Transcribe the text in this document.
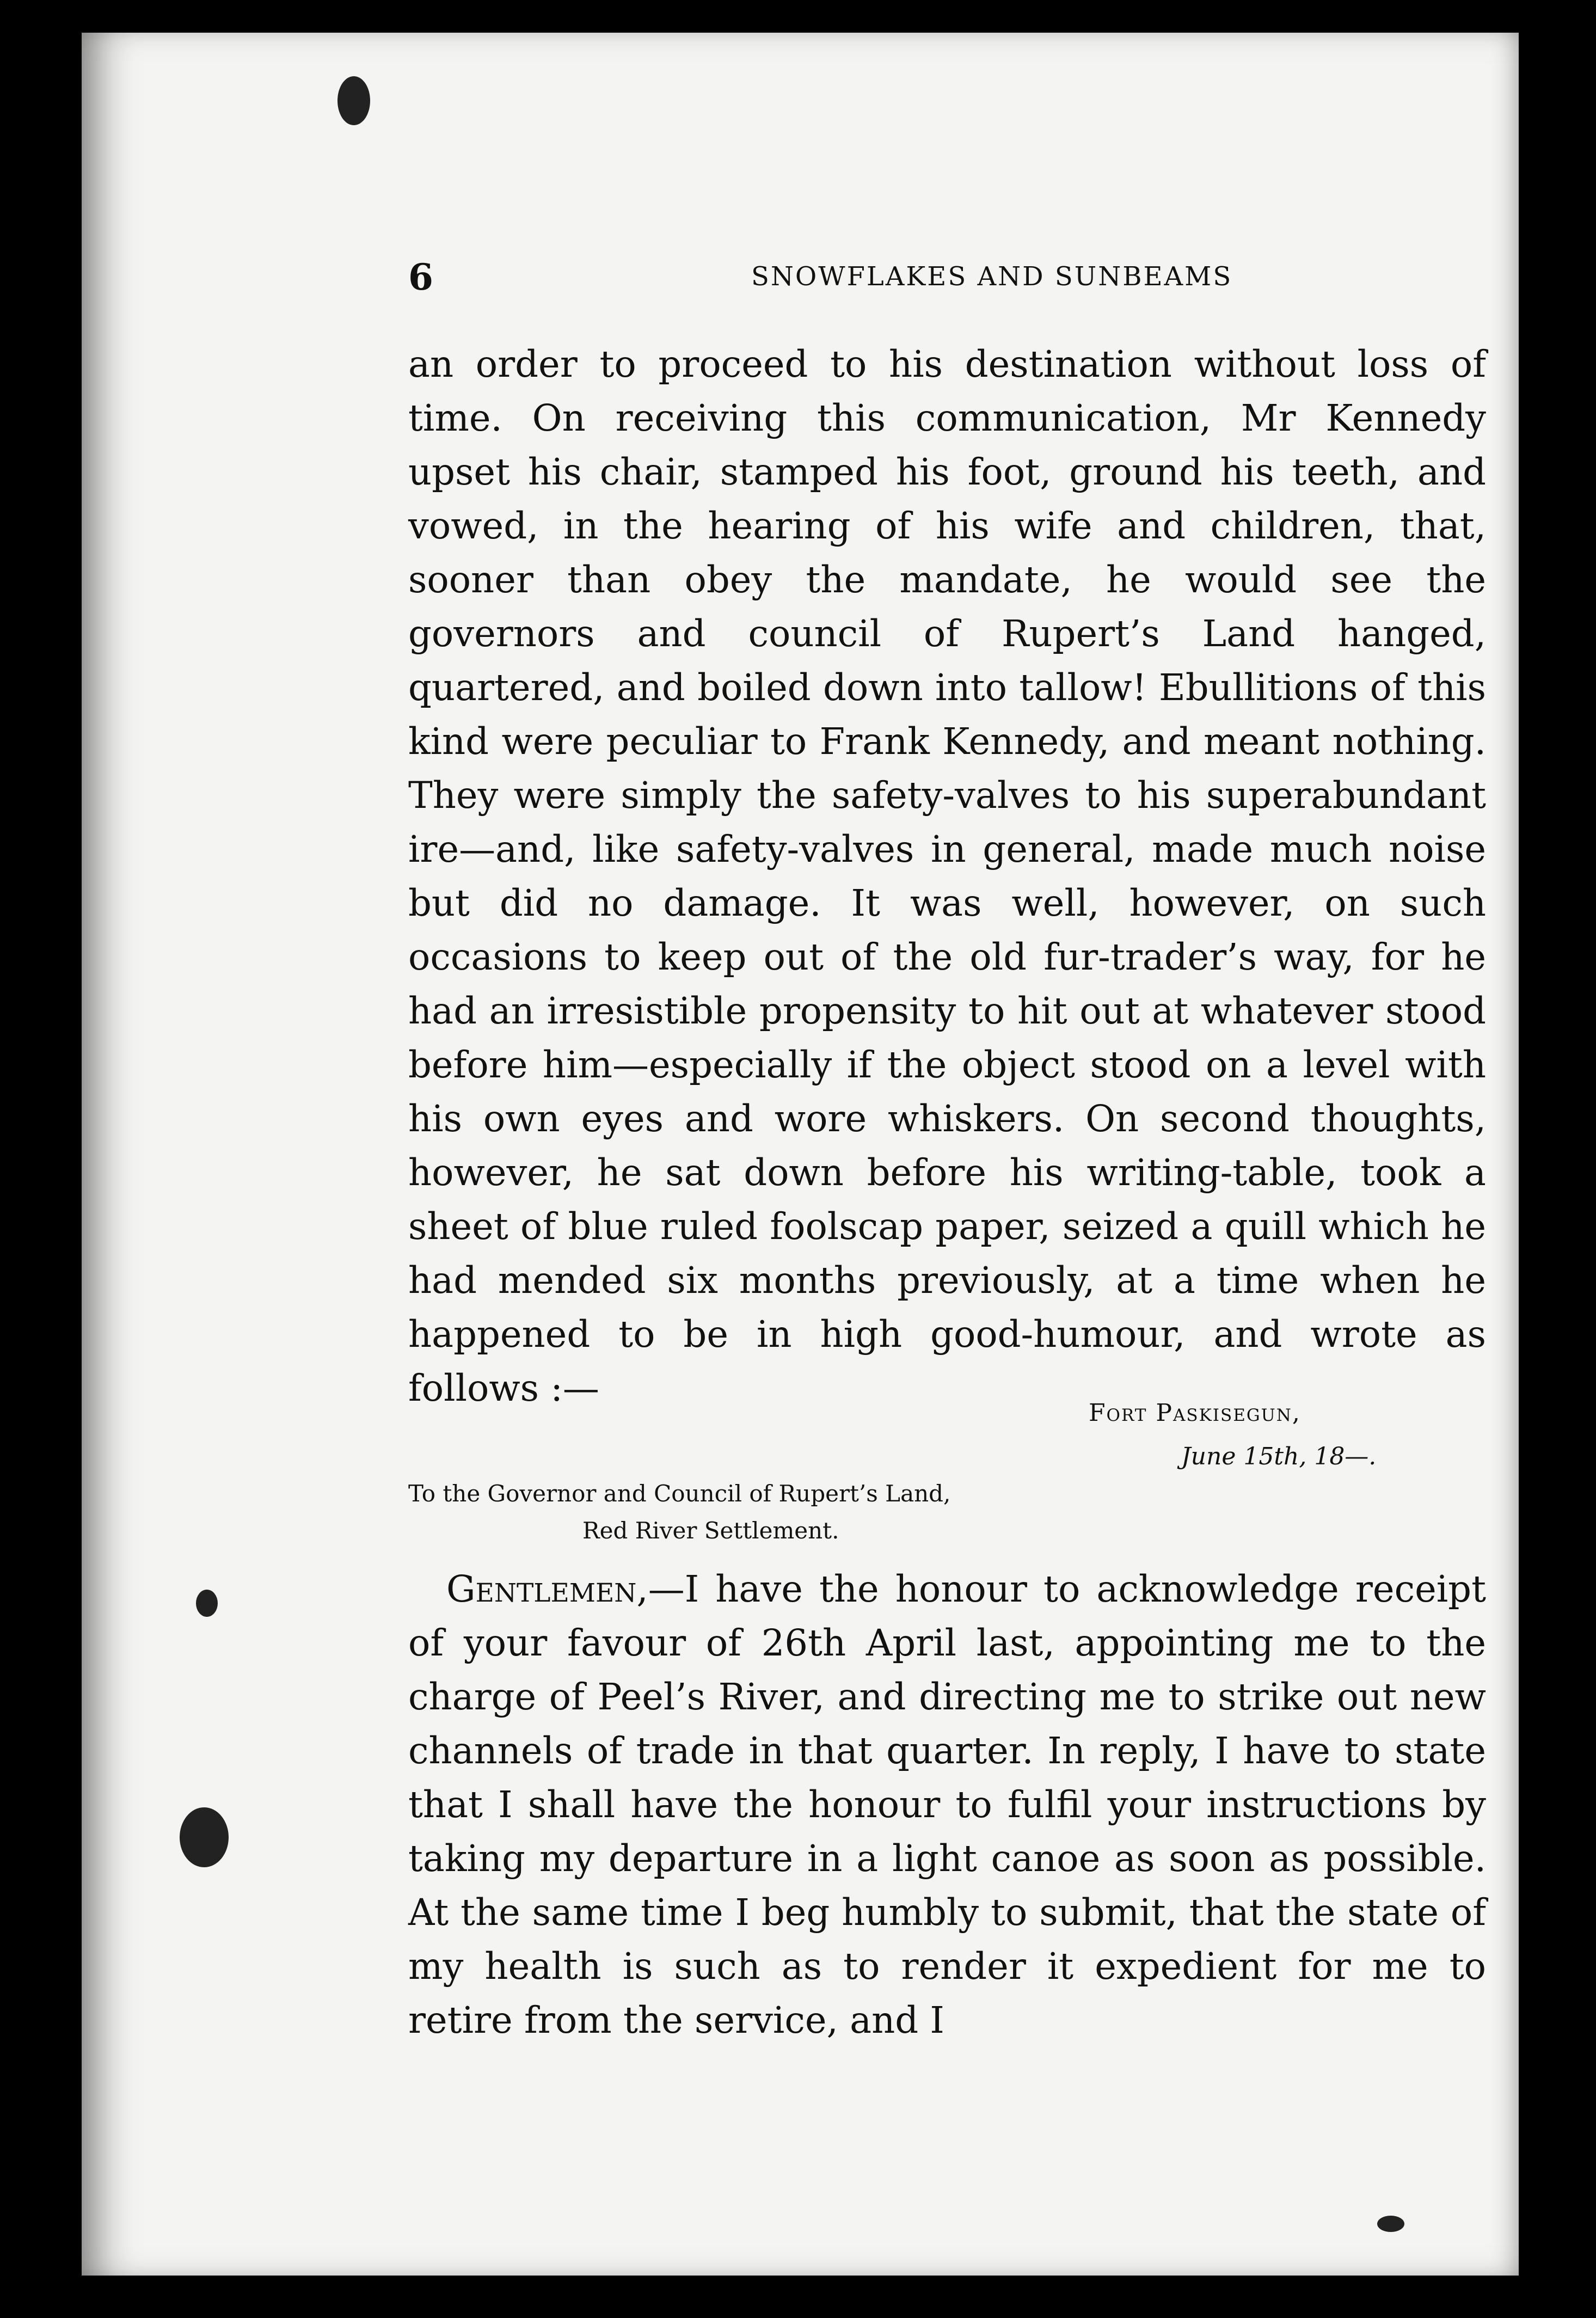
6	SNOWFLAKES AND SUNBEAMS

an order to proceed to his destination without loss of time. On receiving this communication, Mr Kennedy upset his chair, stamped his foot, ground his teeth, and vowed, in the hearing of his wife and children, that, sooner than obey the mandate, he would see the governors and council of Rupert’s Land hanged, quartered, and boiled down into tallow! Ebullitions of this kind were peculiar to Frank Kennedy, and meant nothing. They were simply the safety-valves to his superabundant ire—and, like safety-valves in general, made much noise but did no damage. It was well, however, on such occasions to keep out of the old fur-trader’s way, for he had an irresistible propensity to hit out at whatever stood before him—especially if the object stood on a level with his own eyes and wore whiskers. On second thoughts, however, he sat down before his writing-table, took a sheet of blue ruled foolscap paper, seized a quill which he had mended six months previously, at a time when he happened to be in high good-humour, and wrote as follows :—

Fort Paskisegun,
June 15th, 18—.
To the Governor and Council of Rupert’s Land,
Red River Settlement.

Gentlemen,—I have the honour to acknowledge receipt of your favour of 26th April last, appointing me to the charge of Peel’s River, and directing me to strike out new channels of trade in that quarter. In reply, I have to state that I shall have the honour to fulfil your instructions by taking my departure in a light canoe as soon as possible. At the same time I beg humbly to submit, that the state of my health is such as to render it expedient for me to retire from the service, and I
